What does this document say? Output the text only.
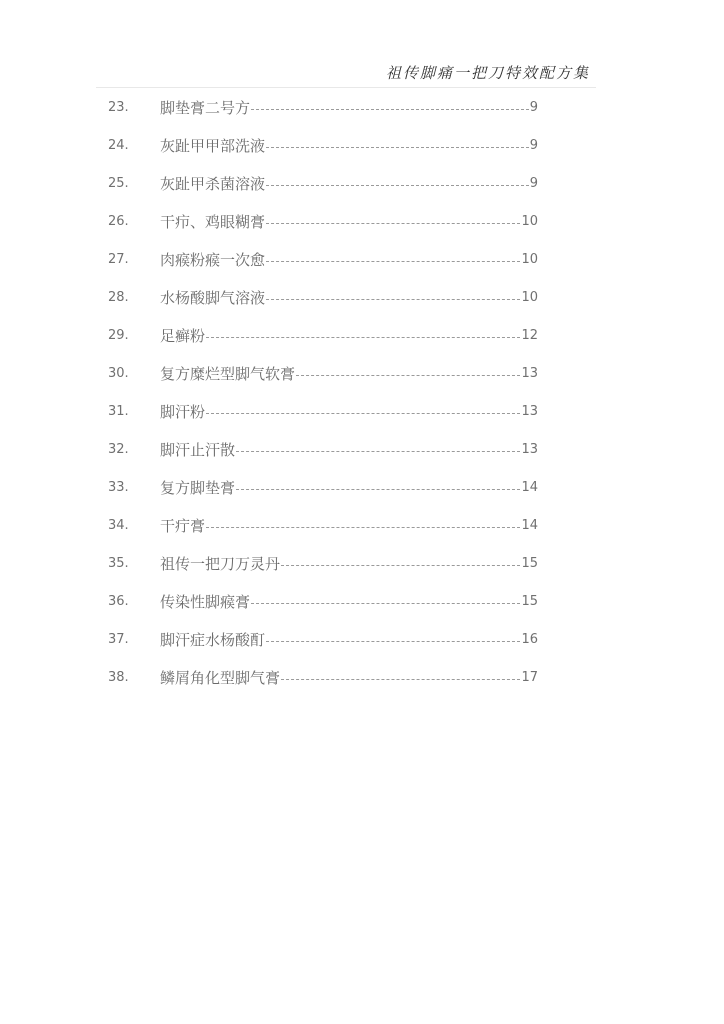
祖传脚痛一把刀特效配方集
23. 脚垫膏二号方	9
24. 灰趾甲甲部洗液	9
25. 灰趾甲杀菌溶液	9
26. 干疖、鸡眼糊膏	10
27. 肉瘊粉瘊一次愈	10
28. 水杨酸脚气溶液	10
29. 足癣粉	12
30. 复方糜烂型脚气软膏	13
31. 脚汗粉	13
32. 脚汗止汗散	13
33. 复方脚垫膏	14
34. 干疔膏	14
35. 祖传一把刀万灵丹	15
36. 传染性脚瘊膏	15
37. 脚汗症水杨酸酊	16
38. 鳞屑角化型脚气膏	17
